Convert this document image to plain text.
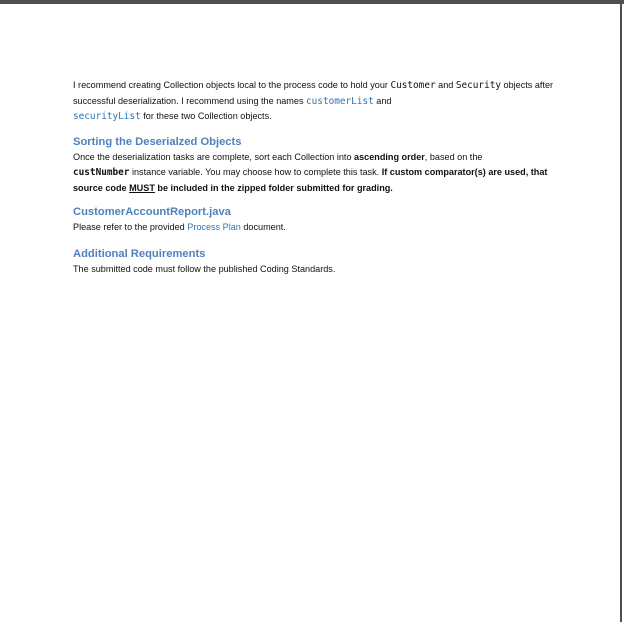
I recommend creating Collection objects local to the process code to hold your Customer and Security objects after successful deserialization. I recommend using the names customerList and
securityList for these two Collection objects.

Sorting the Deserialzed Objects

Once the deserialization tasks are complete, sort each Collection into ascending order, based on the
custNumber instance variable. You may choose how to complete this task. If custom comparator(s) are used, that source code MUST be included in the zipped folder submitted for grading.

CustomerAccountReport.java

Please refer to the provided Process Plan document.

Additional Requirements

The submitted code must follow the published Coding Standards.
